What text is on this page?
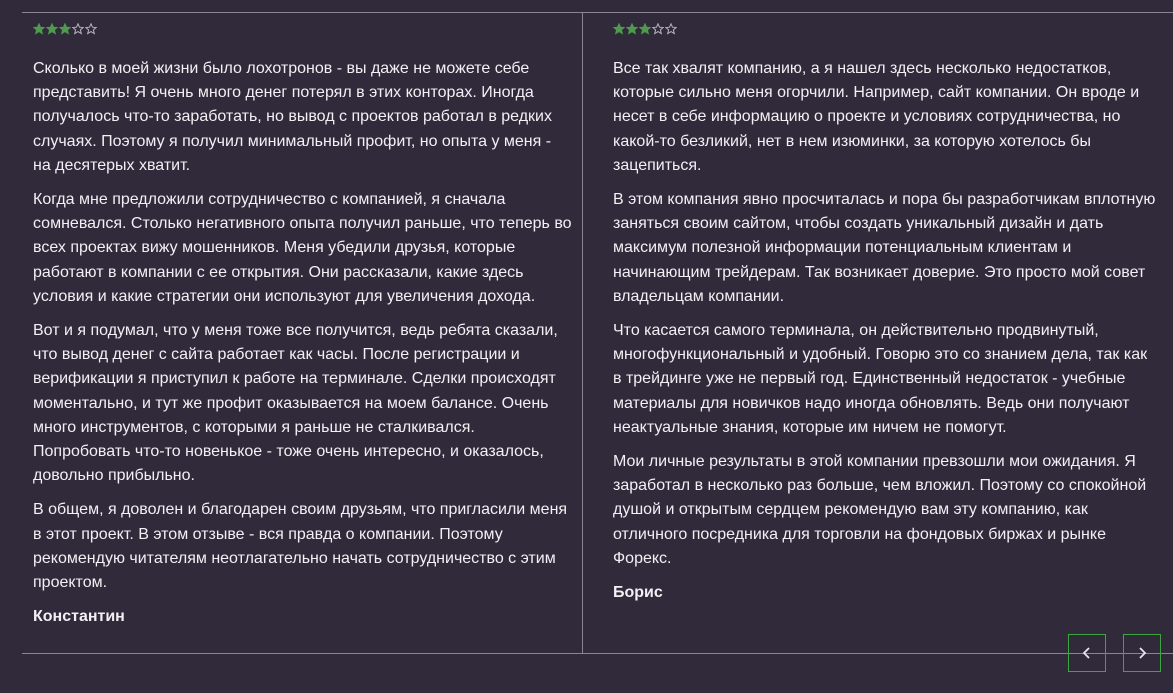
Сколько в моей жизни было лохотронов - вы даже не можете себе представить! Я очень много денег потерял в этих конторах. Иногда получалось что-то заработать, но вывод с проектов работал в редких случаях. Поэтому я получил минимальный профит, но опыта у меня - на десятерых хватит.

Когда мне предложили сотрудничество с компанией, я сначала сомневался. Столько негативного опыта получил раньше, что теперь во всех проектах вижу мошенников. Меня убедили друзья, которые работают в компании с ее открытия. Они рассказали, какие здесь условия и какие стратегии они используют для увеличения дохода.

Вот и я подумал, что у меня тоже все получится, ведь ребята сказали, что вывод денег с сайта работает как часы. После регистрации и верификации я приступил к работе на терминале. Сделки происходят моментально, и тут же профит оказывается на моем балансе. Очень много инструментов, с которыми я раньше не сталкивался. Попробовать что-то новенькое - тоже очень интересно, и оказалось, довольно прибыльно.

В общем, я доволен и благодарен своим друзьям, что пригласили меня в этот проект. В этом отзыве - вся правда о компании. Поэтому рекомендую читателям неотлагательно начать сотрудничество с этим проектом.

Константин

Все так хвалят компанию, а я нашел здесь несколько недостатков, которые сильно меня огорчили. Например, сайт компании. Он вроде и несет в себе информацию о проекте и условиях сотрудничества, но какой-то безликий, нет в нем изюминки, за которую хотелось бы зацепиться.

В этом компания явно просчиталась и пора бы разработчикам вплотную заняться своим сайтом, чтобы создать уникальный дизайн и дать максимум полезной информации потенциальным клиентам и начинающим трейдерам. Так возникает доверие. Это просто мой совет владельцам компании.

Что касается самого терминала, он действительно продвинутый, многофункциональный и удобный. Говорю это со знанием дела, так как в трейдинге уже не первый год. Единственный недостаток - учебные материалы для новичков надо иногда обновлять. Ведь они получают неактуальные знания, которые им ничем не помогут.

Мои личные результаты в этой компании превзошли мои ожидания. Я заработал в несколько раз больше, чем вложил. Поэтому со спокойной душой и открытым сердцем рекомендую вам эту компанию, как отличного посредника для торговли на фондовых биржах и рынке Форекс.

Борис
